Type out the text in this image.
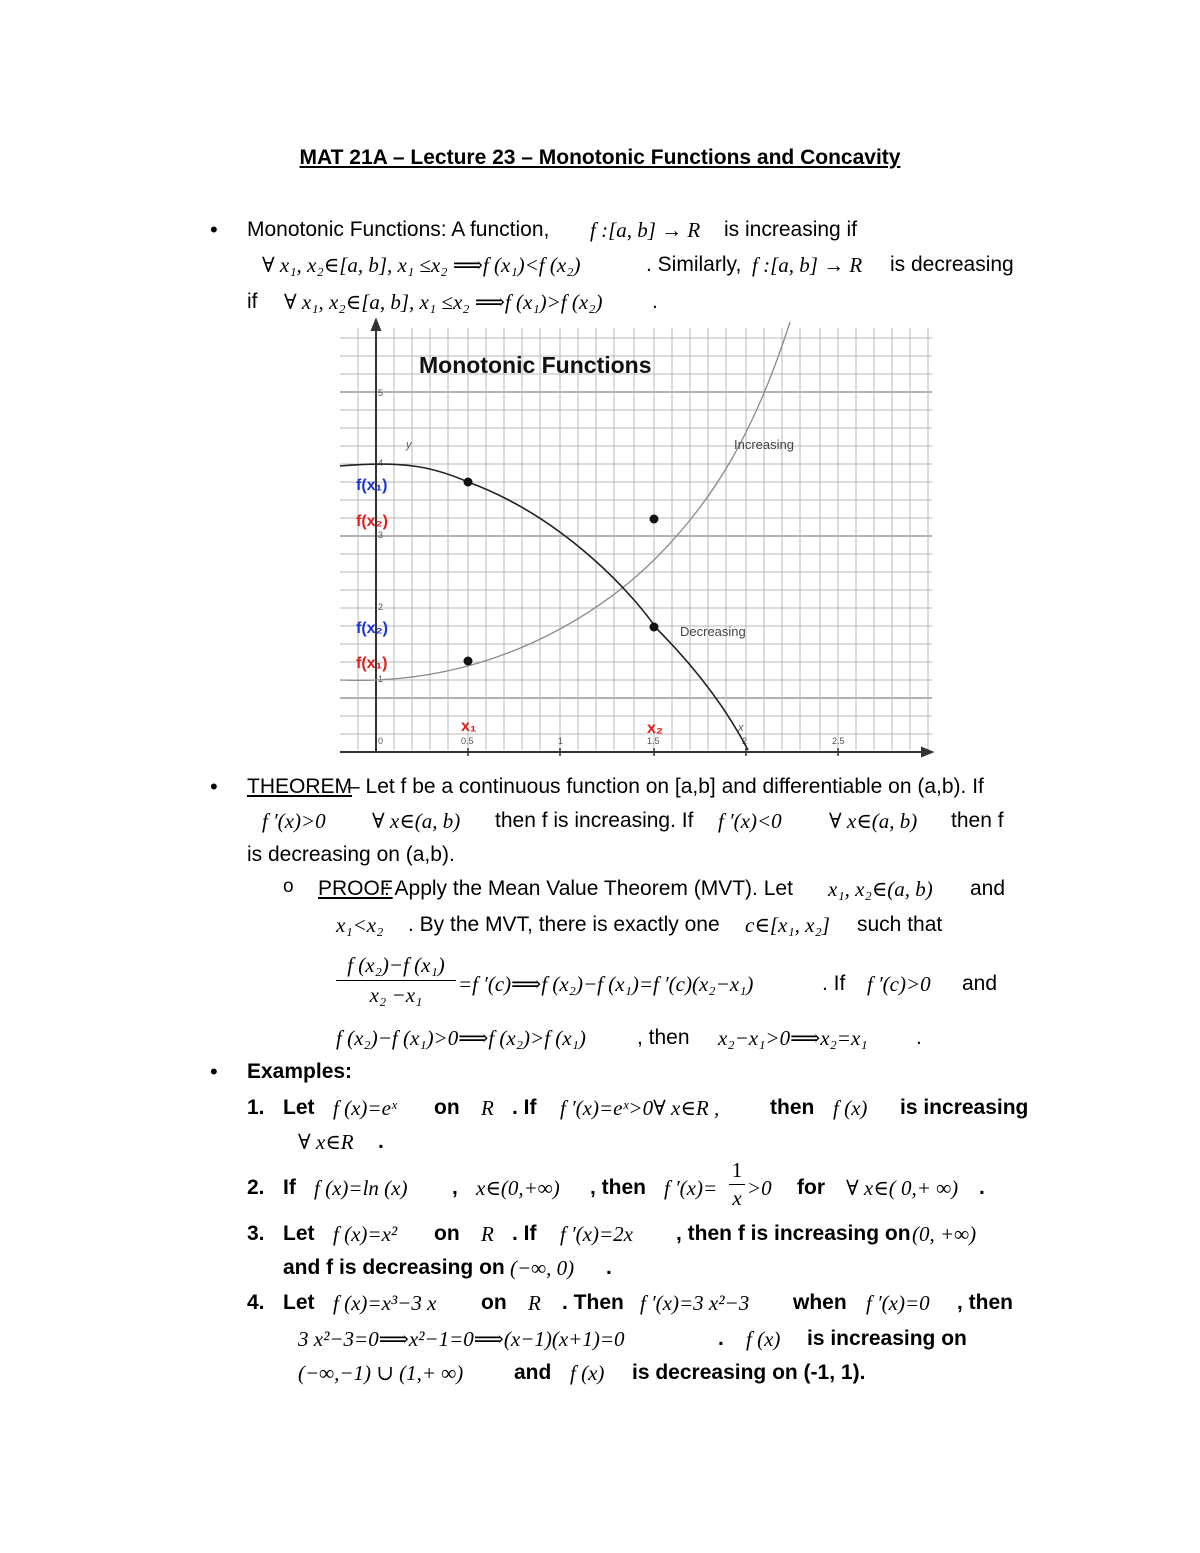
MAT 21A – Lecture 23 – Monotonic Functions and Concavity
• Monotonic Functions: A function, f :[a, b] → R is increasing if
∀ x₁, x₂∈[a, b], x₁ ≤x₂ ⟹f (x₁)<f (x₂)	. Similarly, f :[a, b] → R is decreasing
if ∀ x₁, x₂∈[a, b], x₁ ≤x₂ ⟹f (x₁)>f (x₂) .
0	0.5	1	1.5	2	2.5
1
2
3
4
5
Monotonic Functions
y
x
Increasing
Decreasing
f(x₁)
f(x₂)
f(x₂)
f(x₁)
x₁	x₂
• THEOREM
– Let f be a continuous function on [a,b] and differentiable on (a,b). If
f ′(x)>0 ∀ x∈(a, b) then f is increasing. If f ′(x)<0 ∀ x∈(a, b) then f
is decreasing on (a,b).
o PROOF
: Apply the Mean Value Theorem (MVT). Let x₁, x₂∈(a, b) and
x₁<x₂ . By the MVT, there is exactly one c∈[x₁, x₂] such that
f (x₂)−f (x₁)
x₂ −x₁	=f ′(c)⟹f (x₂)−f (x₁)=f ′(c)(x₂−x₁)	. If f ′(c)>0 and
f (x₂)−f (x₁)>0⟹f (x₂)>f (x₁) , then x₂−x₁>0⟹x₂=x₁ .
• Examples:
1. Let f (x)=eˣ on R . If f ′(x)=eˣ>0∀ x∈R , then f (x) is increasing
∀ x∈R .
2. If f (x)=ln (x) , x∈(0,+∞) , then f ′(x)=
1
x >0 for ∀ x∈( 0,+ ∞) .
3. Let f (x)=x² on R . If f ′(x)=2x , then f is increasing on (0, +∞)
and f is decreasing on (−∞, 0) .
4. Let f (x)=x³−3 x on R . Then f ′(x)=3 x²−3 when f ′(x)=0 , then
3 x²−3=0⟹x²−1=0⟹(x−1)(x+1)=0	. f (x) is increasing on
(−∞,−1) ∪ (1,+ ∞) and f (x) is decreasing on (-1, 1).
